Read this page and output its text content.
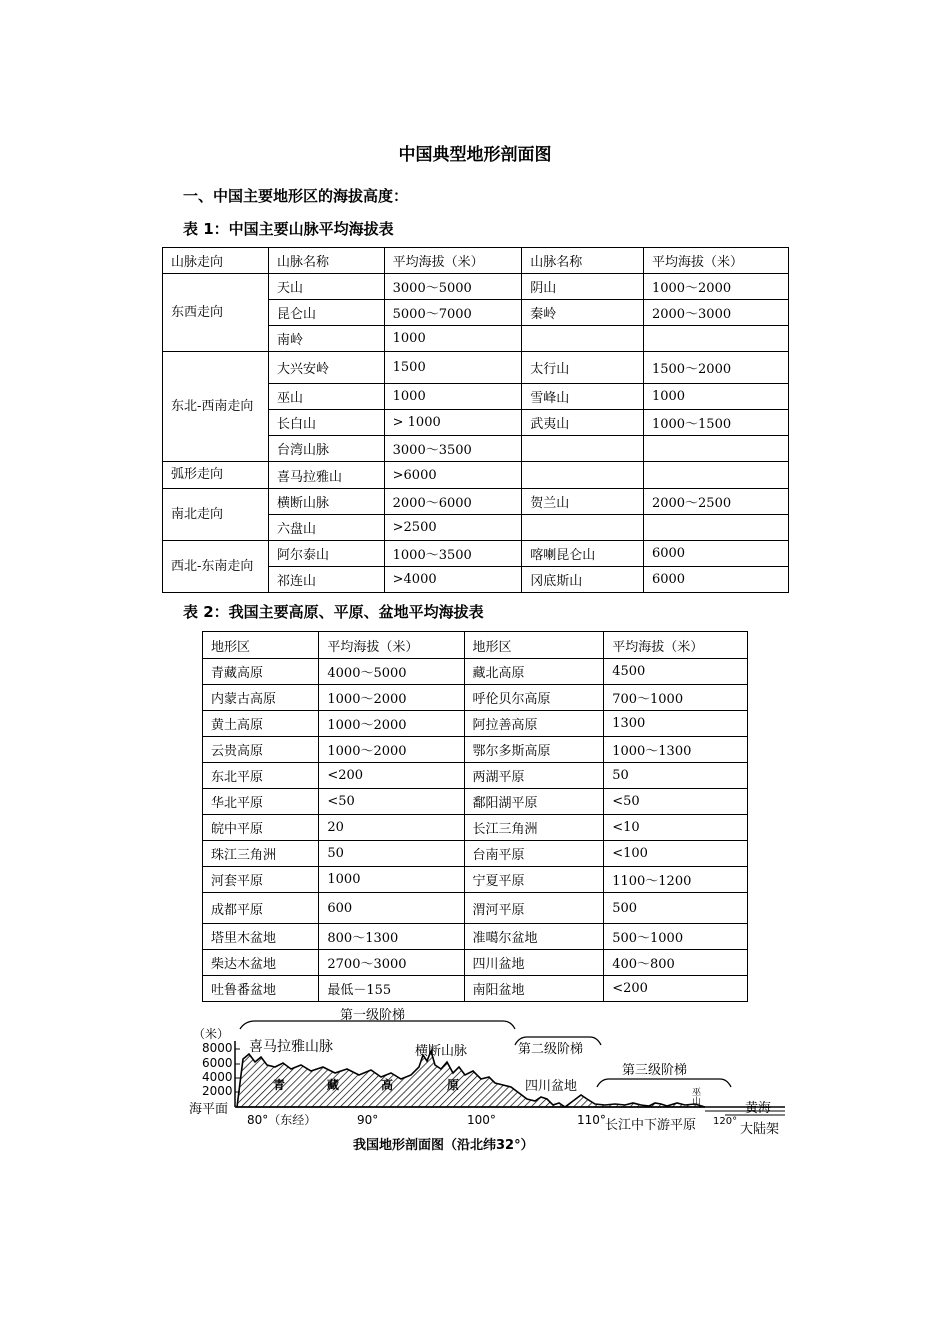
中国典型地形剖面图
一、中国主要地形区的海拔高度：
表 1：中国主要山脉平均海拔表
山脉走向	山脉名称	平均海拔（米）	山脉名称	平均海拔（米）
东西走向	天山	3000～5000	阴山	1000～2000
	昆仑山	5000～7000	秦岭	2000～3000
	南岭	1000		
东北-西南走向	大兴安岭	1500	太行山	1500～2000
	巫山	1000	雪峰山	1000
	长白山	> 1000	武夷山	1000～1500
	台湾山脉	3000～3500		
弧形走向	喜马拉雅山	>6000		
南北走向	横断山脉	2000～6000	贺兰山	2000～2500
	六盘山	>2500		
西北-东南走向	阿尔泰山	1000～3500	喀喇昆仑山	6000
	祁连山	>4000	冈底斯山	6000
表 2：我国主要高原、平原、盆地平均海拔表
地形区	平均海拔（米）	地形区	平均海拔（米）
青藏高原	4000～5000	藏北高原	4500
内蒙古高原	1000～2000	呼伦贝尔高原	700～1000
黄土高原	1000～2000	阿拉善高原	1300
云贵高原	1000～2000	鄂尔多斯高原	1000～1300
东北平原	<200	两湖平原	50
华北平原	<50	鄱阳湖平原	<50
皖中平原	20	长江三角洲	<10
珠江三角洲	50	台南平原	<100
河套平原	1000	宁夏平原	1100～1200
成都平原	600	渭河平原	500
塔里木盆地	800～1300	准噶尔盆地	500～1000
柴达木盆地	2700～3000	四川盆地	400～800
吐鲁番盆地	最低－155	南阳盆地	<200
（米）
8000
6000
4000
2000
海平面
80°（东经）	90°	100°	110°	120°
第一级阶梯
第二级阶梯
第三级阶梯
喜马拉雅山脉	横断山脉
四川盆地
长江中下游平原
黄海
大陆架
青	藏	高	原
巫
山
我国地形剖面图（沿北纬32°）
